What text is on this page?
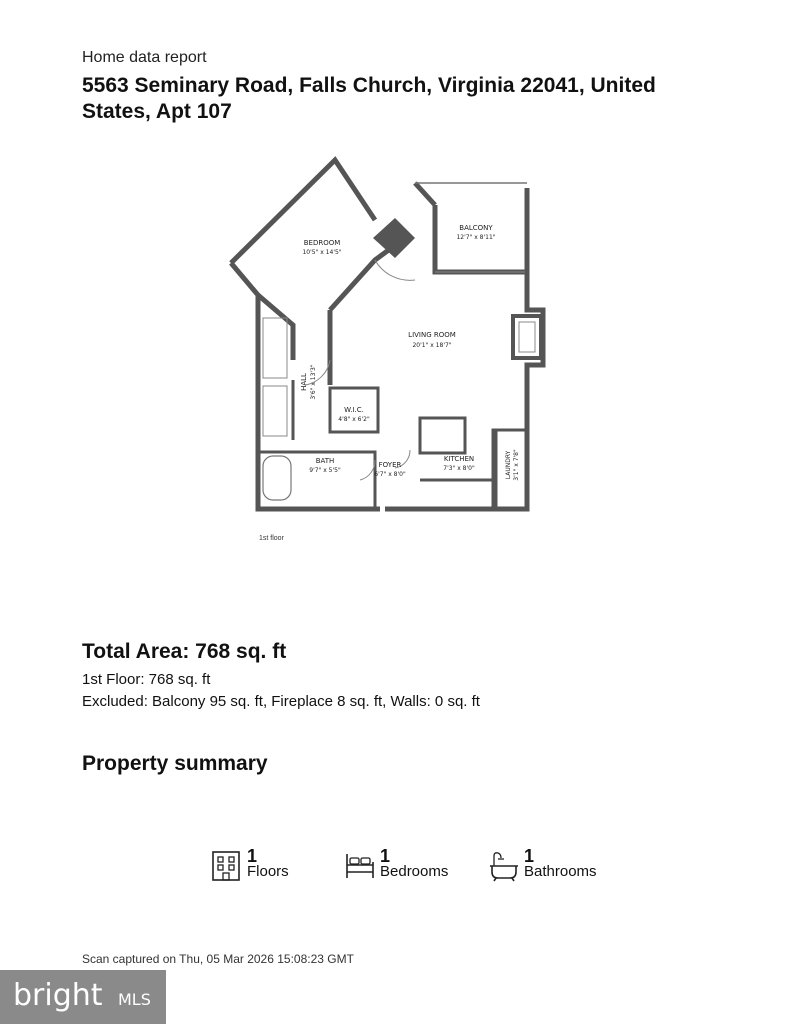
Home data report
5563 Seminary Road, Falls Church, Virginia 22041, United States, Apt 107
BEDROOM
10'5" x 14'5"
BALCONY
12'7" x 8'11"
LIVING ROOM
20'1" x 18'7"
HALL 3'6" x 13'3"
W.I.C.
4'8" x 6'2"
BATH
9'7" x 5'5"
FOYER
6'7" x 8'0"
KITCHEN
7'3" x 8'0"	LAUNDRY 3'1" x 7'8"
1st floor
Total Area: 768 sq. ft
1st Floor: 768 sq. ft
Excluded: Balcony 95 sq. ft, Fireplace 8 sq. ft, Walls: 0 sq. ft
Property summary
1
Floors
1
Bedrooms
1
Bathrooms
Scan captured on Thu, 05 Mar 2026 15:08:23 GMT
bright MLS
